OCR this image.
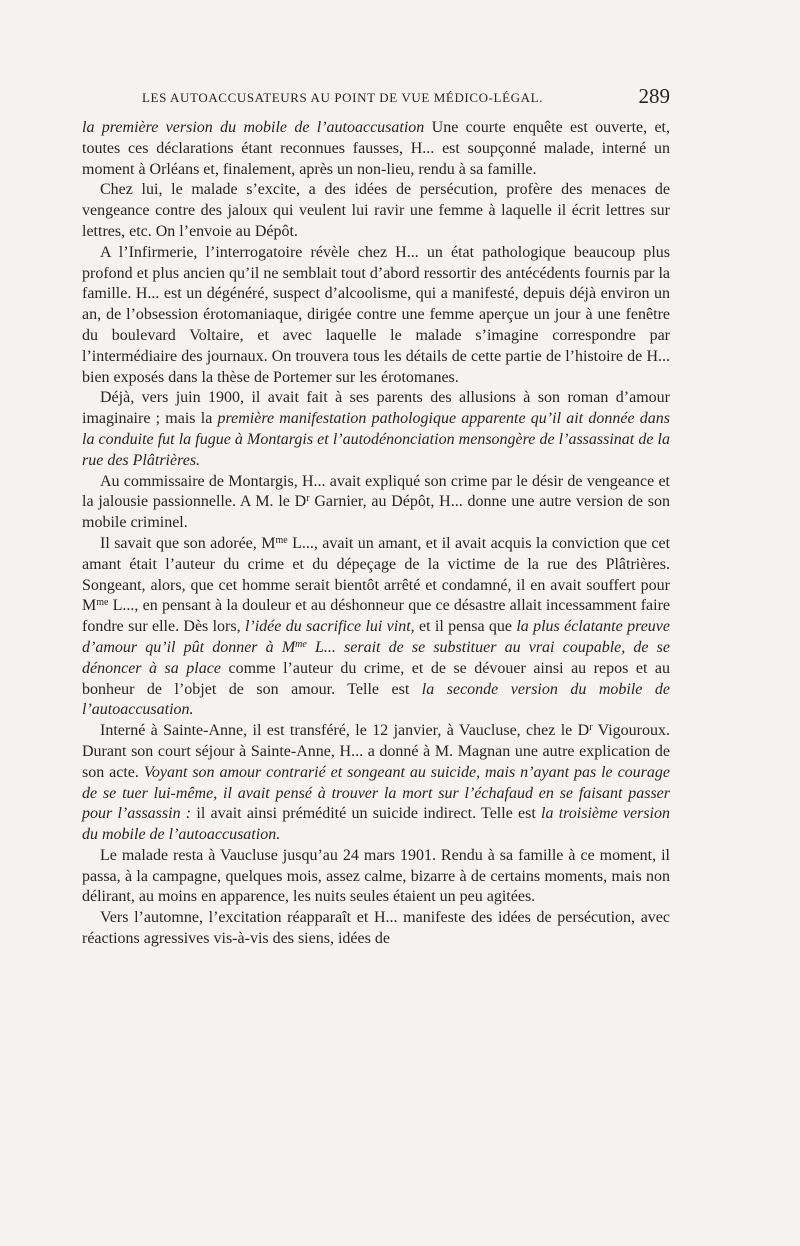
LES AUTOACCUSATEURS AU POINT DE VUE MÉDICO-LÉGAL.	289

la première version du mobile de l’autoaccusation Une courte enquête est ouverte, et, toutes ces déclarations étant reconnues fausses, H... est soupçonné malade, interné un moment à Orléans et, finalement, après un non-lieu, rendu à sa famille.

Chez lui, le malade s’excite, a des idées de persécution, profère des menaces de vengeance contre des jaloux qui veulent lui ravir une femme à laquelle il écrit lettres sur lettres, etc. On l’envoie au Dépôt.

A l’Infirmerie, l’interrogatoire révèle chez H... un état pathologique beaucoup plus profond et plus ancien qu’il ne semblait tout d’abord ressortir des antécédents fournis par la famille. H... est un dégénéré, suspect d’alcoolisme, qui a manifesté, depuis déjà environ un an, de l’obsession érotomaniaque, dirigée contre une femme aperçue un jour à une fenêtre du boulevard Voltaire, et avec laquelle le malade s’imagine correspondre par l’intermédiaire des journaux. On trouvera tous les détails de cette partie de l’histoire de H... bien exposés dans la thèse de Portemer sur les érotomanes.

Déjà, vers juin 1900, il avait fait à ses parents des allusions à son roman d’amour imaginaire ; mais la première manifestation pathologique apparente qu’il ait donnée dans la conduite fut la fugue à Montargis et l’autodénonciation mensongère de l’assassinat de la rue des Plâtrières.

Au commissaire de Montargis, H... avait expliqué son crime par le désir de vengeance et la jalousie passionnelle. A M. le $D^r$ Garnier, au Dépôt, H... donne une autre version de son mobile criminel.

Il savait que son adorée, $M^{me}$ L..., avait un amant, et il avait acquis la conviction que cet amant était l’auteur du crime et du dépeçage de la victime de la rue des Plâtrières. Songeant, alors, que cet homme serait bientôt arrêté et condamné, il en avait souffert pour $M^{me}$ L..., en pensant à la douleur et au déshonneur que ce désastre allait incessamment faire fondre sur elle. Dès lors, l’idée du sacrifice lui vint, et il pensa que la plus éclatante preuve d’amour qu’il pût donner à $M^{me}$ L... serait de se substituer au vrai coupable, de se dénoncer à sa place comme l’auteur du crime, et de se dévouer ainsi au repos et au bonheur de l’objet de son amour. Telle est la seconde version du mobile de l’autoaccusation.

Interné à Sainte-Anne, il est transféré, le 12 janvier, à Vaucluse, chez le $D^r$ Vigouroux. Durant son court séjour à Sainte-Anne, H... a donné à M. Magnan une autre explication de son acte. Voyant son amour contrarié et songeant au suicide, mais n’ayant pas le courage de se tuer lui-même, il avait pensé à trouver la mort sur l’échafaud en se faisant passer pour l’assassin : il avait ainsi prémédité un suicide indirect. Telle est la troisième version du mobile de l’autoaccusation.

Le malade resta à Vaucluse jusqu’au 24 mars 1901. Rendu à sa famille à ce moment, il passa, à la campagne, quelques mois, assez calme, bizarre à de certains moments, mais non délirant, au moins en apparence, les nuits seules étaient un peu agitées.

Vers l’automne, l’excitation réapparaît et H... manifeste des idées de persécution, avec réactions agressives vis-à-vis des siens, idées de
